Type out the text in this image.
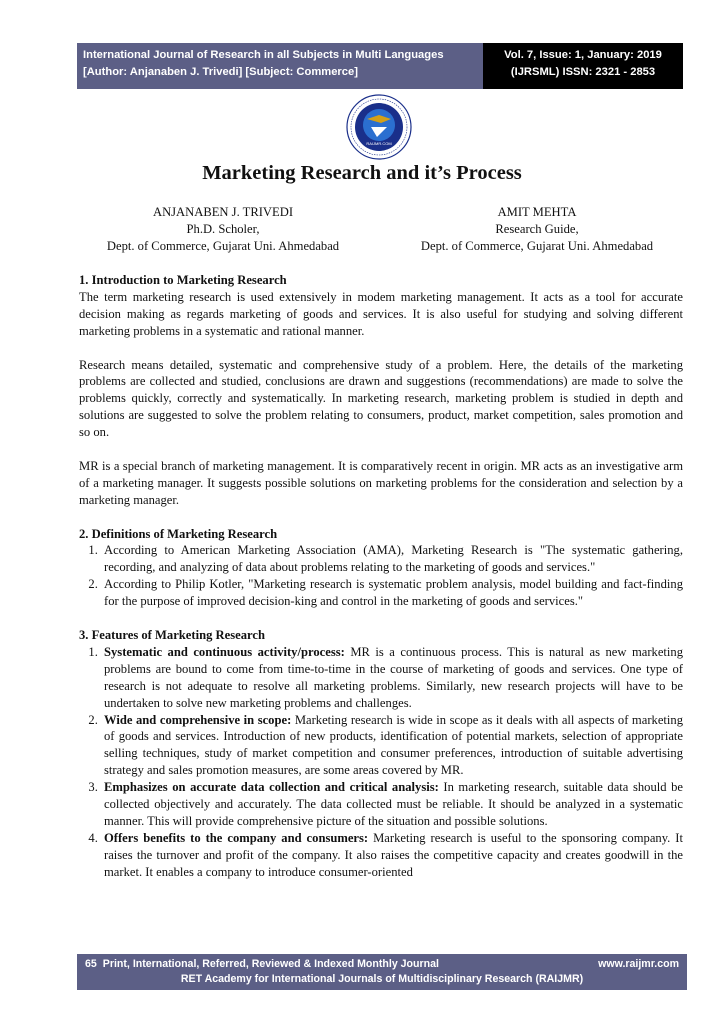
International Journal of Research in all Subjects in Multi Languages
[Author: Anjanaben J. Trivedi] [Subject: Commerce]
Vol. 7, Issue: 1, January: 2019
(IJRSML) ISSN: 2321 - 2853
RAIJMR.COM
Marketing Research and it’s Process
ANJANABEN J. TRIVEDI
Ph.D. Scholer,
Dept. of Commerce, Gujarat Uni. Ahmedabad
AMIT MEHTA
Research Guide,
Dept. of Commerce, Gujarat Uni. Ahmedabad
1. Introduction to Marketing Research

The term marketing research is used extensively in modem marketing management. It acts as a tool for accurate decision making as regards marketing of goods and services. It is also useful for studying and solving different marketing problems in a systematic and rational manner.

Research means detailed, systematic and comprehensive study of a problem. Here, the details of the marketing problems are collected and studied, conclusions are drawn and suggestions (recommendations) are made to solve the problems quickly, correctly and systematically. In marketing research, marketing problem is studied in depth and solutions are suggested to solve the problem relating to consumers, product, market competition, sales promotion and so on.

MR is a special branch of marketing management. It is comparatively recent in origin. MR acts as an investigative arm of a marketing manager. It suggests possible solutions on marketing problems for the consideration and selection by a marketing manager.

2. Definitions of Marketing Research
1. According to American Marketing Association (AMA), Marketing Research is "The systematic gathering, recording, and analyzing of data about problems relating to the marketing of goods and services."
2. According to Philip Kotler, "Marketing research is systematic problem analysis, model building and fact-finding for the purpose of improved decision-king and control in the marketing of goods and services."
3. Features of Marketing Research
1. Systematic and continuous activity/process: MR is a continuous process. This is natural as new marketing problems are bound to come from time-to-time in the course of marketing of goods and services. One type of research is not adequate to resolve all marketing problems. Similarly, new research projects will have to be undertaken to solve new marketing problems and challenges.
2. Wide and comprehensive in scope: Marketing research is wide in scope as it deals with all aspects of marketing of goods and services. Introduction of new products, identification of potential markets, selection of appropriate selling techniques, study of market competition and consumer preferences, introduction of suitable advertising strategy and sales promotion measures, are some areas covered by MR.
3. Emphasizes on accurate data collection and critical analysis: In marketing research, suitable data should be collected objectively and accurately. The data collected must be reliable. It should be analyzed in a systematic manner. This will provide comprehensive picture of the situation and possible solutions.
4. Offers benefits to the company and consumers: Marketing research is useful to the sponsoring company. It raises the turnover and profit of the company. It also raises the competitive capacity and creates goodwill in the market. It enables a company to introduce consumer-oriented
65 Print, International, Referred, Reviewed & Indexed Monthly Journal	www.raijmr.com
RET Academy for International Journals of Multidisciplinary Research (RAIJMR)
